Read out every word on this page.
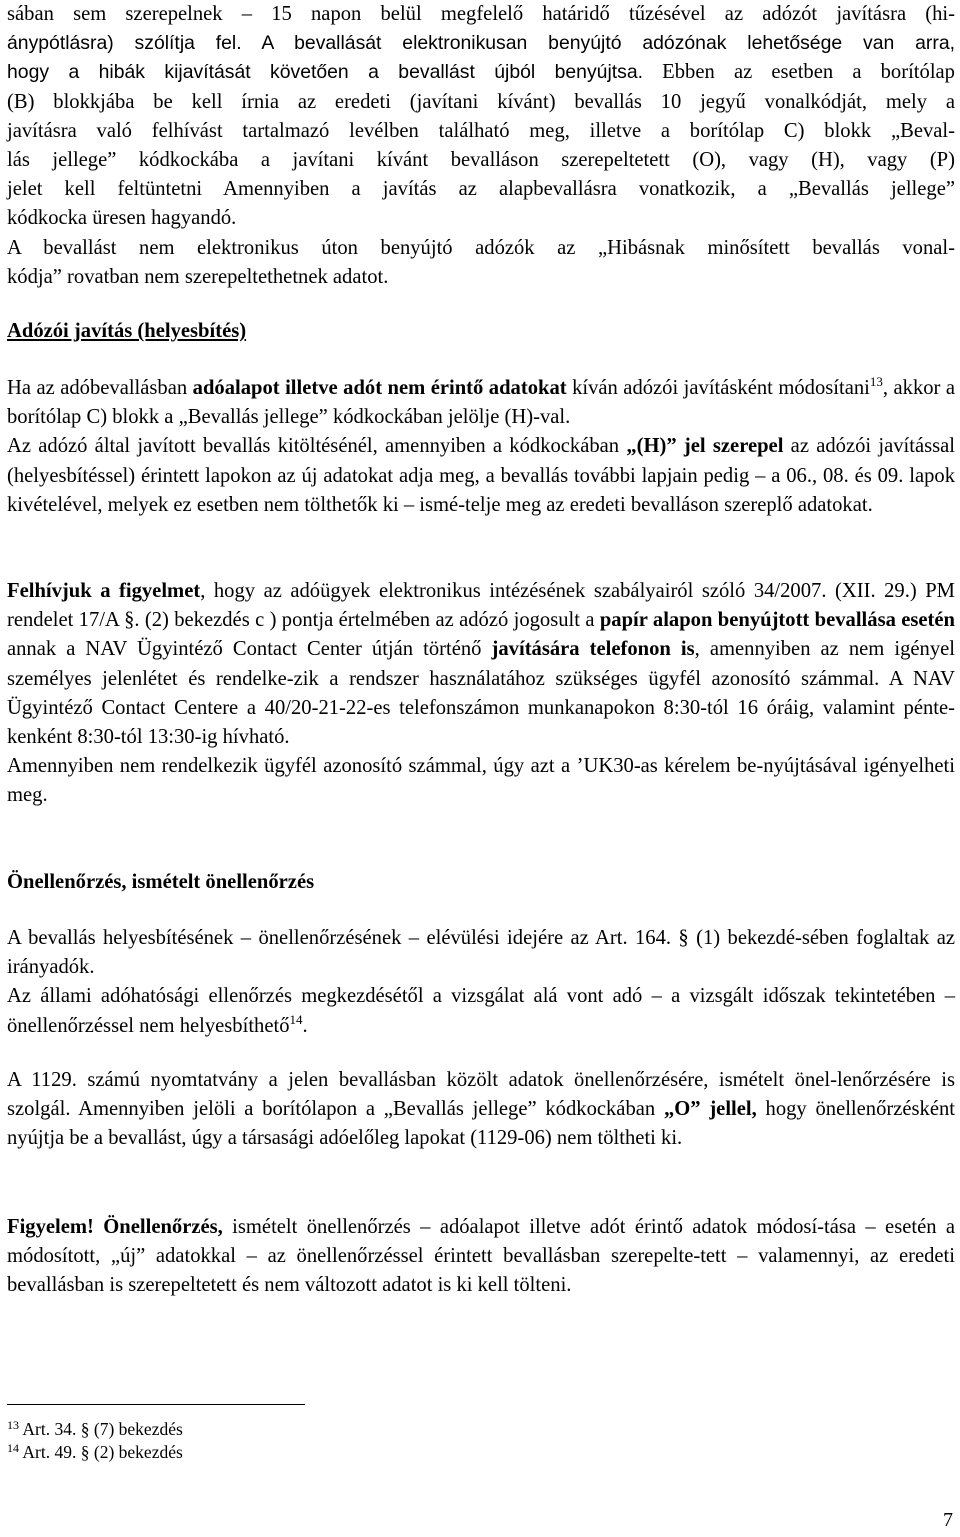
sában sem szerepelnek – 15 napon belül megfelelő határidő tűzésével az adózót javításra (hi-
ánypótlásra) szólítja fel. A bevallását elektronikusan benyújtó adózónak lehetősége van arra,
hogy a hibák kijavítását követően a bevallást újból benyújtsa. Ebben az esetben a borítólap
(B) blokkjába be kell írnia az eredeti (javítani kívánt) bevallás 10 jegyű vonalkódját, mely a
javításra való felhívást tartalmazó levélben található meg, illetve a borítólap C) blokk „Beval-
lás jellege” kódkockába a javítani kívánt bevalláson szerepeltetett (O), vagy (H), vagy (P)
jelet kell feltüntetni Amennyiben a javítás az alapbevallásra vonatkozik, a „Bevallás jellege”
kódkocka üresen hagyandó.
A bevallást nem elektronikus úton benyújtó adózók az „Hibásnak minősített bevallás vonal-
kódja” rovatban nem szerepeltethetnek adatot.
Adózói javítás (helyesbítés)

Ha az adóbevallásban adóalapot illetve adót nem érintő adatokat kíván adózói javításként módosítani$^{13}$, akkor a borítólap C) blokk a „Bevallás jellege” kódkockában jelölje (H)-val.

Az adózó által javított bevallás kitöltésénél, amennyiben a kódkockában „(H)” jel szerepel az adózói javítással (helyesbítéssel) érintett lapokon az új adatokat adja meg, a bevallás további lapjain pedig – a 06., 08. és 09. lapok kivételével, melyek ez esetben nem tölthetők ki – ismé-telje meg az eredeti bevalláson szereplő adatokat.

Felhívjuk a figyelmet, hogy az adóügyek elektronikus intézésének szabályairól szóló 34/2007. (XII. 29.) PM rendelet 17/A §. (2) bekezdés c ) pontja értelmében az adózó jogosult a papír alapon benyújtott bevallása esetén annak a NAV Ügyintéző Contact Center útján történő javítására telefonon is, amennyiben az nem igényel személyes jelenlétet és rendelke-zik a rendszer használatához szükséges ügyfél azonosító számmal. A NAV Ügyintéző Contact Centere a 40/20-21-22-es telefonszámon munkanapokon 8:30-tól 16 óráig, valamint pénte-kenként 8:30-tól 13:30-ig hívható.

Amennyiben nem rendelkezik ügyfél azonosító számmal, úgy azt a ’UK30-as kérelem be-nyújtásával igényelheti meg.

Önellenőrzés, ismételt önellenőrzés

A bevallás helyesbítésének – önellenőrzésének – elévülési idejére az Art. 164. § (1) bekezdé-sében foglaltak az irányadók.

Az állami adóhatósági ellenőrzés megkezdésétől a vizsgálat alá vont adó – a vizsgált időszak tekintetében – önellenőrzéssel nem helyesbíthető$^{14}$.

A 1129. számú nyomtatvány a jelen bevallásban közölt adatok önellenőrzésére, ismételt önel-lenőrzésére is szolgál. Amennyiben jelöli a borítólapon a „Bevallás jellege” kódkockában „O” jellel, hogy önellenőrzésként nyújtja be a bevallást, úgy a társasági adóelőleg lapokat (1129-06) nem töltheti ki.

Figyelem! Önellenőrzés, ismételt önellenőrzés – adóalapot illetve adót érintő adatok módosí-tása – esetén a módosított, „új” adatokkal – az önellenőrzéssel érintett bevallásban szerepelte-tett – valamennyi, az eredeti bevallásban is szerepeltetett és nem változott adatot is ki kell tölteni.

$^{13}$ Art. 34. § (7) bekezdés
$^{14}$ Art. 49. § (2) bekezdés
7
